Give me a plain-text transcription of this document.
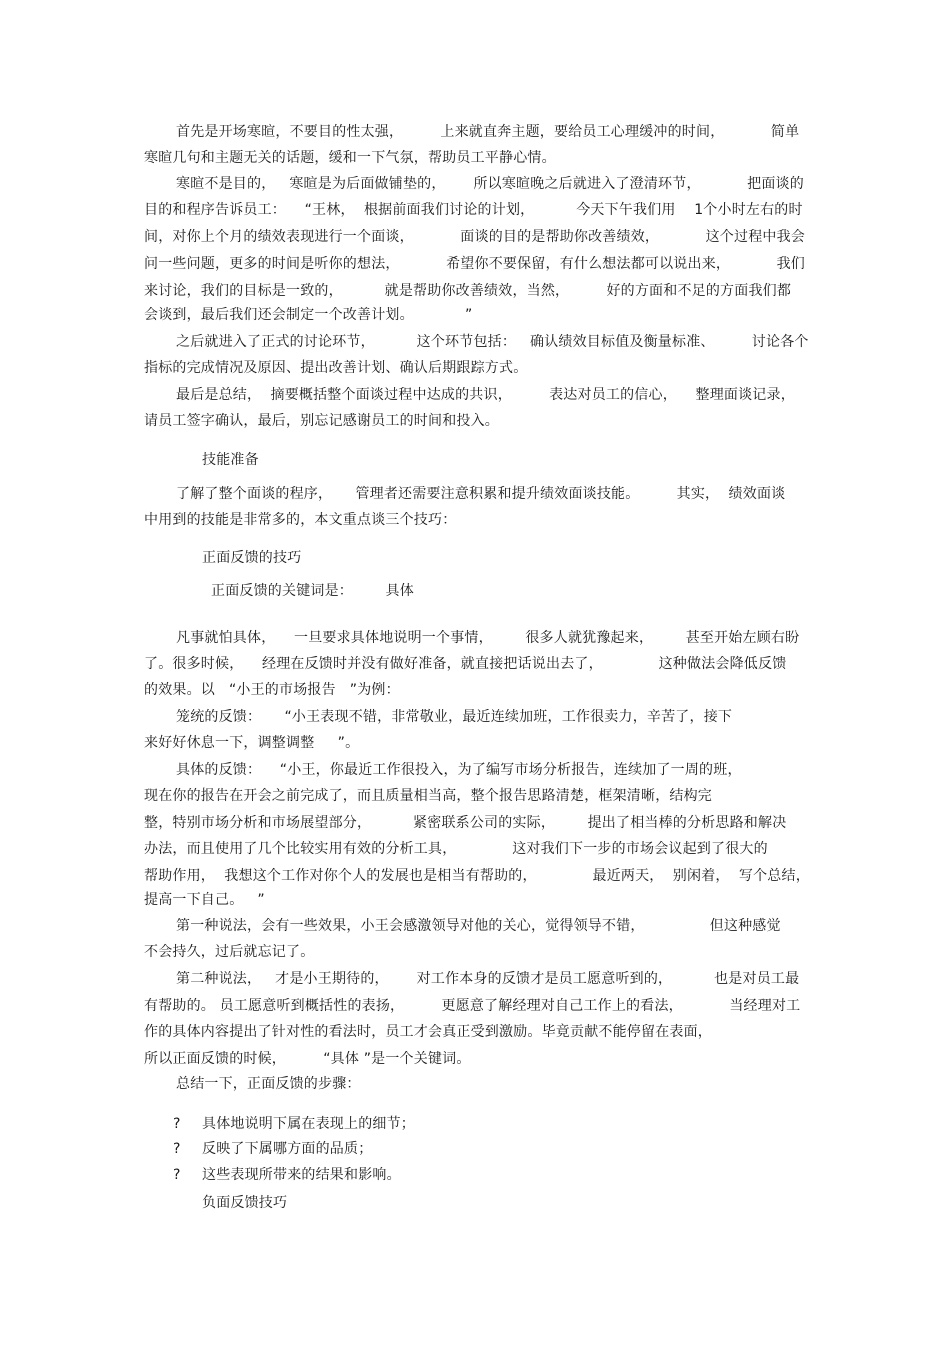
首先是开场寒暄，不要目的性太强，        上来就直奔主题，要给员工心理缓冲的时间，          简单
寒暄几句和主题无关的话题，缓和一下气氛，帮助员工平静心情。
寒暄不是目的，   寒暄是为后面做铺垫的，      所以寒暄晚之后就进入了澄清环节，          把面谈的
目的和程序告诉员工：    “王林，  根据前面我们讨论的计划，         今天下午我们用    1个小时左右的时
间，对你上个月的绩效表现进行一个面谈，          面谈的目的是帮助你改善绩效，          这个过程中我会
问一些问题，更多的时间是听你的想法，          希望你不要保留，有什么想法都可以说出来，          我们
来讨论，我们的目标是一致的，         就是帮助你改善绩效，当然，        好的方面和不足的方面我们都
会谈到，最后我们还会制定一个改善计划。           ”
之后就进入了正式的讨论环节，         这个环节包括：   确认绩效目标值及衡量标准、        讨论各个
指标的完成情况及原因、提出改善计划、确认后期跟踪方式。
最后是总结，  摘要概括整个面谈过程中达成的共识，        表达对员工的信心，    整理面谈记录，
请员工签字确认，最后，别忘记感谢员工的时间和投入。
技能准备
了解了整个面谈的程序，     管理者还需要注意积累和提升绩效面谈技能。        其实，  绩效面谈
中用到的技能是非常多的，本文重点谈三个技巧：
正面反馈的技巧
正面反馈的关键词是：       具体
凡事就怕具体，    一旦要求具体地说明一个事情，       很多人就犹豫起来，       甚至开始左顾右盼
了。很多时候，    经理在反馈时并没有做好准备，就直接把话说出去了，            这种做法会降低反馈
的效果。以   “小王的市场报告   ”为例：
笼统的反馈：     “小王表现不错，非常敬业，最近连续加班，工作很卖力，辛苦了，接下
来好好休息一下，调整调整     ”。
具体的反馈：    “小王，你最近工作很投入，为了编写市场分析报告，连续加了一周的班，
现在你的报告在开会之前完成了，而且质量相当高，整个报告思路清楚，框架清晰，结构完
整，特别市场分析和市场展望部分，         紧密联系公司的实际，       提出了相当棒的分析思路和解决
办法，而且使用了几个比较实用有效的分析工具，            这对我们下一步的市场会议起到了很大的
帮助作用，  我想这个工作对你个人的发展也是相当有帮助的，            最近两天，  别闲着，  写个总结，
提高一下自己。   ”
第一种说法，会有一些效果，小王会感激领导对他的关心，觉得领导不错，              但这种感觉
不会持久，过后就忘记了。
第二种说法，   才是小王期待的，      对工作本身的反馈才是员工愿意听到的，         也是对员工最
有帮助的。 员工愿意听到概括性的表扬，        更愿意了解经理对自己工作上的看法，          当经理对工
作的具体内容提出了针对性的看法时，员工才会真正受到激励。毕竟贡献不能停留在表面，
所以正面反馈的时候，        “具体 ”是一个关键词。
总结一下，正面反馈的步骤：
? 具体地说明下属在表现上的细节；
? 反映了下属哪方面的品质；
? 这些表现所带来的结果和影响。
负面反馈技巧
